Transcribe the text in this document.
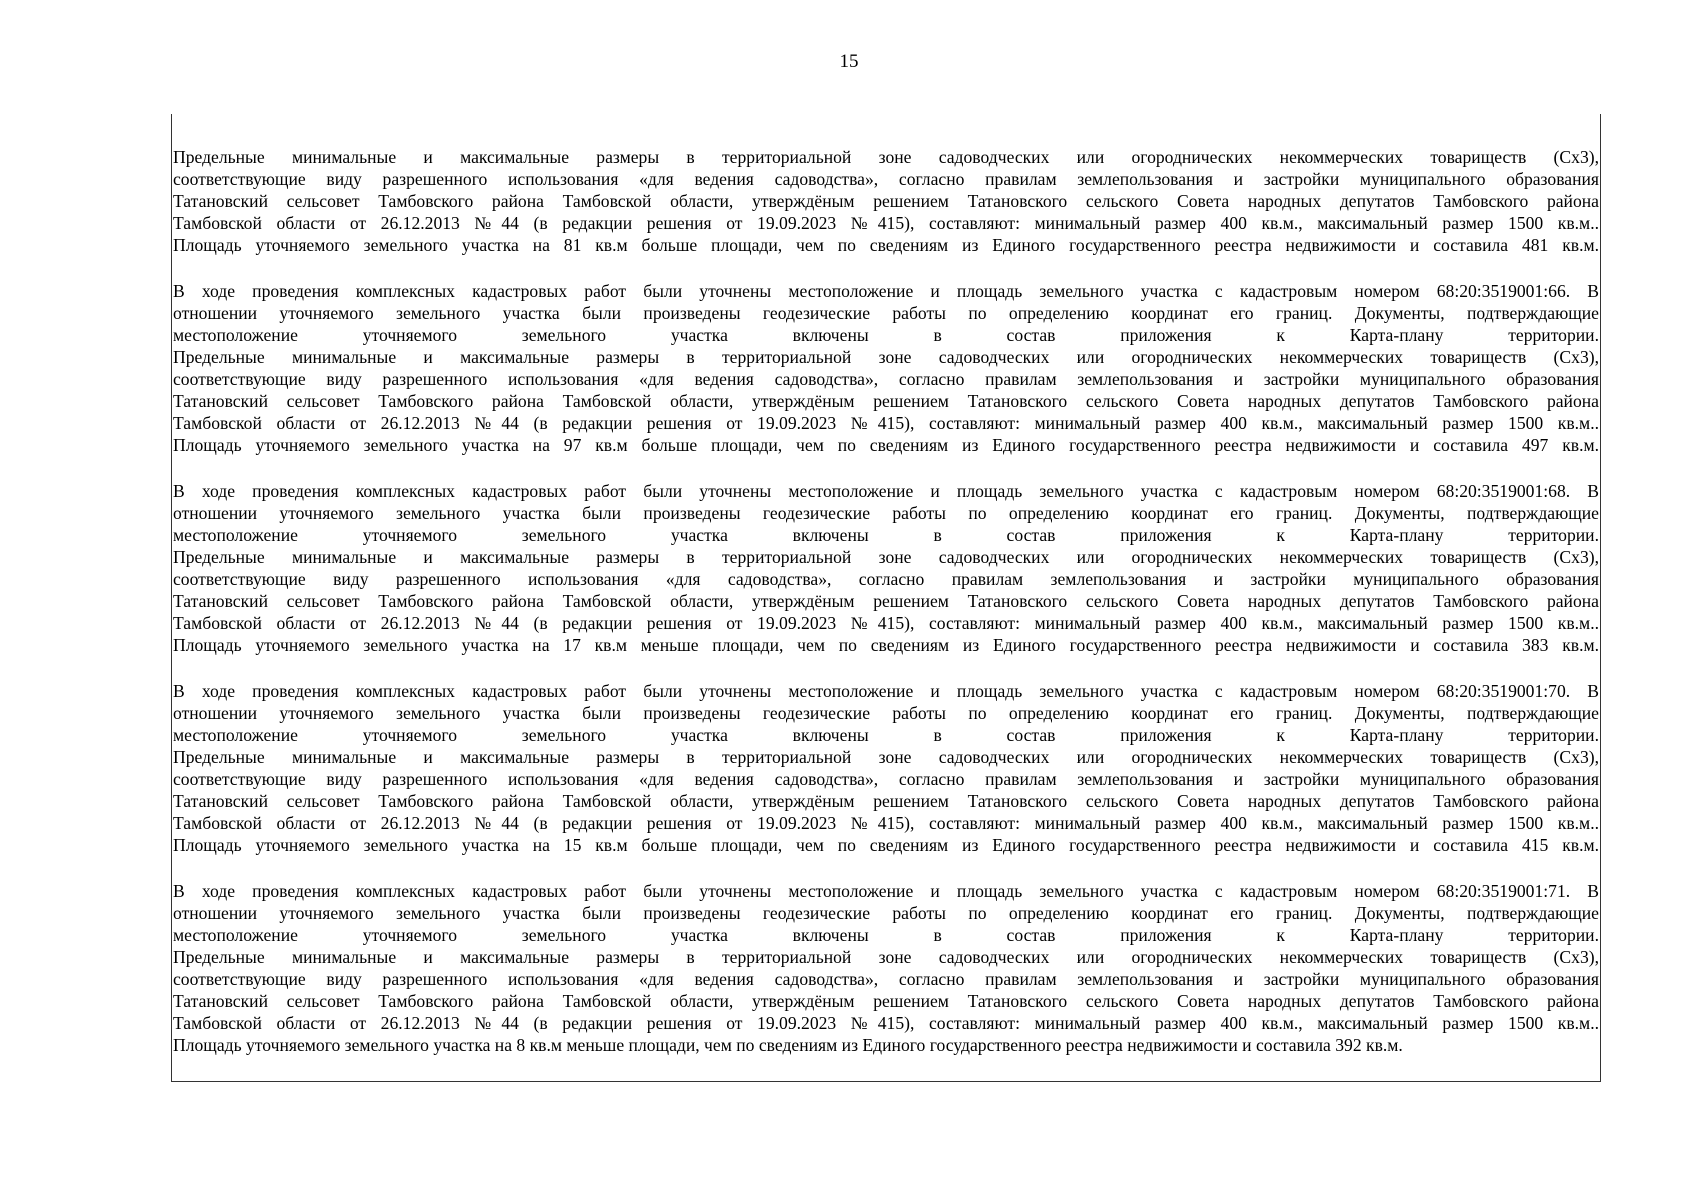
15
Предельные минимальные и максимальные размеры в территориальной зоне садоводческих или огороднических некоммерческих товариществ (Сх3),
соответствующие виду разрешенного использования «для ведения садоводства», согласно правилам землепользования и застройки муниципального образования
Татановский сельсовет Тамбовского района Тамбовской области, утверждёным решением Татановского сельского Совета народных депутатов Тамбовского района
Тамбовской области от 26.12.2013 №44 (в редакции решения от 19.09.2023 №415), составляют: минимальный размер 400 кв.м., максимальный размер 1500 кв.м..
Площадь уточняемого земельного участка на 81 кв.м больше площади, чем по сведениям из Единого государственного реестра недвижимости и составила 481 кв.м.
В ходе проведения комплексных кадастровых работ были уточнены местоположение и площадь земельного участка с кадастровым номером 68:20:3519001:66. В
отношении уточняемого земельного участка были произведены геодезические работы по определению координат его границ. Документы, подтверждающие
местоположение уточняемого земельного участка включены в состав приложения к Карта-плану территории.
Предельные минимальные и максимальные размеры в территориальной зоне садоводческих или огороднических некоммерческих товариществ (Сх3),
соответствующие виду разрешенного использования «для ведения садоводства», согласно правилам землепользования и застройки муниципального образования
Татановский сельсовет Тамбовского района Тамбовской области, утверждёным решением Татановского сельского Совета народных депутатов Тамбовского района
Тамбовской области от 26.12.2013 №44 (в редакции решения от 19.09.2023 №415), составляют: минимальный размер 400 кв.м., максимальный размер 1500 кв.м..
Площадь уточняемого земельного участка на 97 кв.м больше площади, чем по сведениям из Единого государственного реестра недвижимости и составила 497 кв.м.
В ходе проведения комплексных кадастровых работ были уточнены местоположение и площадь земельного участка с кадастровым номером 68:20:3519001:68. В
отношении уточняемого земельного участка были произведены геодезические работы по определению координат его границ. Документы, подтверждающие
местоположение уточняемого земельного участка включены в состав приложения к Карта-плану территории.
Предельные минимальные и максимальные размеры в территориальной зоне садоводческих или огороднических некоммерческих товариществ (Сх3),
соответствующие виду разрешенного использования «для садоводства», согласно правилам землепользования и застройки муниципального образования
Татановский сельсовет Тамбовского района Тамбовской области, утверждёным решением Татановского сельского Совета народных депутатов Тамбовского района
Тамбовской области от 26.12.2013 №44 (в редакции решения от 19.09.2023 №415), составляют: минимальный размер 400 кв.м., максимальный размер 1500 кв.м..
Площадь уточняемого земельного участка на 17 кв.м меньше площади, чем по сведениям из Единого государственного реестра недвижимости и составила 383 кв.м.
В ходе проведения комплексных кадастровых работ были уточнены местоположение и площадь земельного участка с кадастровым номером 68:20:3519001:70. В
отношении уточняемого земельного участка были произведены геодезические работы по определению координат его границ. Документы, подтверждающие
местоположение уточняемого земельного участка включены в состав приложения к Карта-плану территории.
Предельные минимальные и максимальные размеры в территориальной зоне садоводческих или огороднических некоммерческих товариществ (Сх3),
соответствующие виду разрешенного использования «для ведения садоводства», согласно правилам землепользования и застройки муниципального образования
Татановский сельсовет Тамбовского района Тамбовской области, утверждёным решением Татановского сельского Совета народных депутатов Тамбовского района
Тамбовской области от 26.12.2013 №44 (в редакции решения от 19.09.2023 №415), составляют: минимальный размер 400 кв.м., максимальный размер 1500 кв.м..
Площадь уточняемого земельного участка на 15 кв.м больше площади, чем по сведениям из Единого государственного реестра недвижимости и составила 415 кв.м.
В ходе проведения комплексных кадастровых работ были уточнены местоположение и площадь земельного участка с кадастровым номером 68:20:3519001:71. В
отношении уточняемого земельного участка были произведены геодезические работы по определению координат его границ. Документы, подтверждающие
местоположение уточняемого земельного участка включены в состав приложения к Карта-плану территории.
Предельные минимальные и максимальные размеры в территориальной зоне садоводческих или огороднических некоммерческих товариществ (Сх3),
соответствующие виду разрешенного использования «для ведения садоводства», согласно правилам землепользования и застройки муниципального образования
Татановский сельсовет Тамбовского района Тамбовской области, утверждёным решением Татановского сельского Совета народных депутатов Тамбовского района
Тамбовской области от 26.12.2013 №44 (в редакции решения от 19.09.2023 №415), составляют: минимальный размер 400 кв.м., максимальный размер 1500 кв.м..
Площадь уточняемого земельного участка на 8 кв.м меньше площади, чем по сведениям из Единого государственного реестра недвижимости и составила 392 кв.м.
